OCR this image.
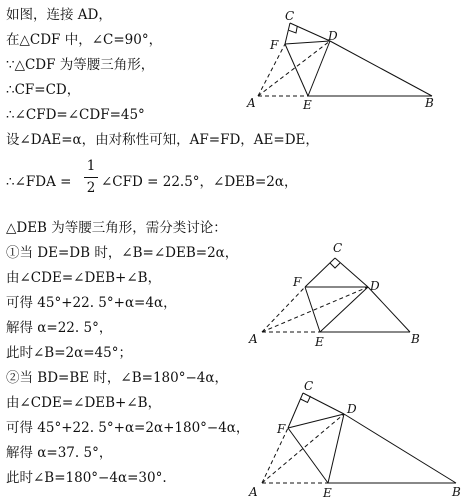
如图，连接 AD，
在△CDF 中，∠C=90°，
∵△CDF 为等腰三角形，
∴CF=CD，
∴∠CFD=∠CDF=45°
设∠DAE=α，由对称性可知，AF=FD，AE=DE，
∴∠FDA =
1
2 ∠CFD = 22.5°，∠DEB=2α，
△DEB 为等腰三角形，需分类讨论：
①当 DE=DB 时，∠B=∠DEB=2α，
由∠CDE=∠DEB+∠B，
可得 45°+22. 5°+α=4α，
解得 α=22. 5°，
此时∠B=2α=45°；
②当 BD=BE 时，∠B=180°−4α，
由∠CDE=∠DEB+∠B，
可得 45°+22. 5°+α=2α+180°−4α，
解得 α=37. 5°，
此时∠B=180°−4α=30°.
A	B
C
D
E
F
A	B
C
D
E
F
A	B
C
D
E
F
